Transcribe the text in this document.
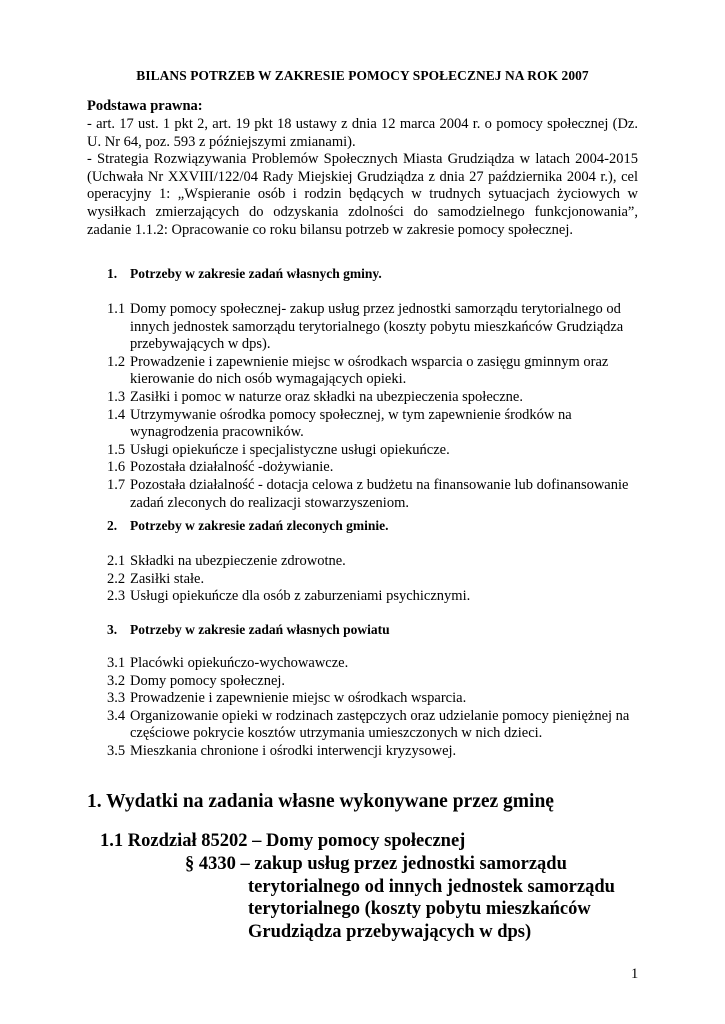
BILANS POTRZEB W ZAKRESIE POMOCY SPOŁECZNEJ NA ROK 2007
Podstawa prawna:

- art. 17 ust. 1 pkt 2, art. 19 pkt 18 ustawy z dnia 12 marca 2004 r. o pomocy społecznej (Dz. U. Nr 64, poz. 593 z późniejszymi zmianami).

- Strategia Rozwiązywania Problemów Społecznych Miasta Grudziądza w latach 2004-2015 (Uchwała Nr XXVIII/122/04 Rady Miejskiej Grudziądza z dnia 27 października 2004 r.), cel operacyjny 1: „Wspieranie osób i rodzin będących w trudnych sytuacjach życiowych w wysiłkach zmierzających do odzyskania zdolności do samodzielnego funkcjonowania”, zadanie 1.1.2: Opracowanie co roku bilansu potrzeb w zakresie pomocy społecznej.

1. Potrzeby w zakresie zadań własnych gminy.
1.1 Domy pomocy społecznej- zakup usług przez jednostki samorządu terytorialnego od
innych jednostek samorządu terytorialnego (koszty pobytu mieszkańców Grudziądza przebywających w dps).
1.2 Prowadzenie i zapewnienie miejsc w ośrodkach wsparcia o zasięgu gminnym oraz
kierowanie do nich osób wymagających opieki.
1.3 Zasiłki i pomoc w naturze oraz składki na ubezpieczenia społeczne.
1.4 Utrzymywanie ośrodka pomocy społecznej, w tym zapewnienie środków na
wynagrodzenia pracowników.
1.5 Usługi opiekuńcze i specjalistyczne usługi opiekuńcze.
1.6 Pozostała działalność -dożywianie.
1.7 Pozostała działalność - dotacja celowa z budżetu na finansowanie lub dofinansowanie
zadań zleconych do realizacji stowarzyszeniom.
2. Potrzeby w zakresie zadań zleconych gminie.
2.1 Składki na ubezpieczenie zdrowotne.
2.2 Zasiłki stałe.
2.3 Usługi opiekuńcze dla osób z zaburzeniami psychicznymi.
3. Potrzeby w zakresie zadań własnych powiatu
3.1 Placówki opiekuńczo-wychowawcze.
3.2 Domy pomocy społecznej.
3.3 Prowadzenie i zapewnienie miejsc w ośrodkach wsparcia.
3.4 Organizowanie opieki w rodzinach zastępczych oraz udzielanie pomocy pieniężnej na
częściowe pokrycie kosztów utrzymania umieszczonych w nich dzieci.
3.5 Mieszkania chronione i ośrodki interwencji kryzysowej.
1. Wydatki na zadania własne wykonywane przez gminę
1.1 Rozdział 85202 – Domy pomocy społecznej
§ 4330 – zakup usług przez jednostki samorządu
terytorialnego od innych jednostek samorządu
terytorialnego (koszty pobytu mieszkańców
Grudziądza przebywających w dps)
1
